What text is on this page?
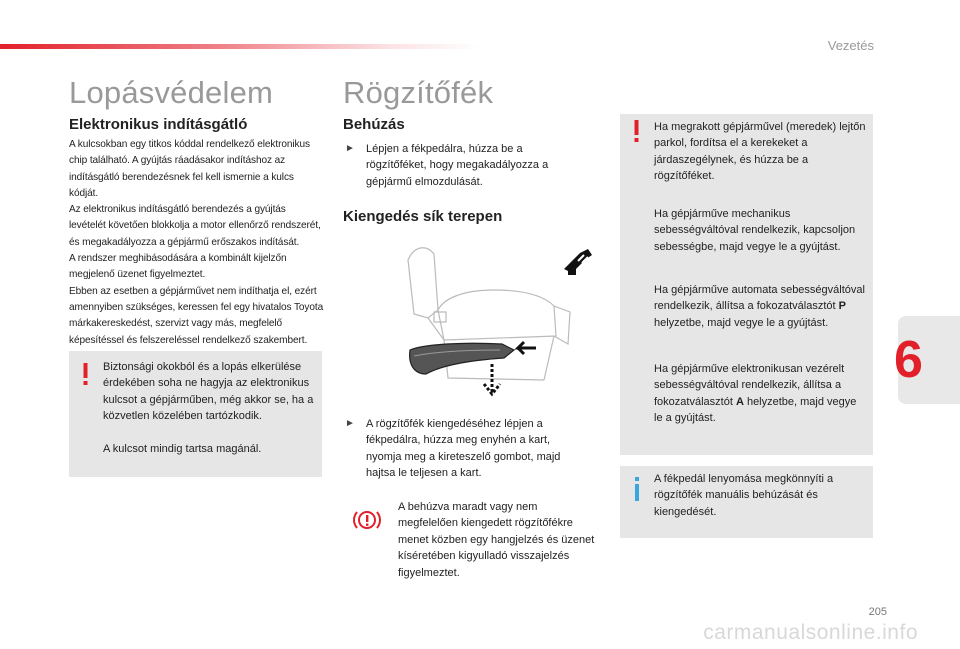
Vezetés
Lopásvédelem
Elektronikus indításgátló

A kulcsokban egy titkos kóddal rendelkező elektronikus chip található. A gyújtás ráadásakor indításhoz az indításgátló berendezésnek fel kell ismernie a kulcs kódját.

Az elektronikus indításgátló berendezés a gyújtás levételét követően blokkolja a motor ellenőrző rendszerét, és megakadályozza a gépjármű erőszakos indítását.

A rendszer meghibásodására a kombinált kijelzőn megjelenő üzenet figyelmeztet.

Ebben az esetben a gépjárművet nem indíthatja el, ezért amennyiben szükséges, keressen fel egy hivatalos Toyota márkakereskedést, szervizt vagy más, megfelelő képesítéssel és felszereléssel rendelkező szakembert.

Biztonsági okokból és a lopás elkerülése érdekében soha ne hagyja az elektronikus kulcsot a gépjárműben, még akkor se, ha a közvetlen közelében tartózkodik.
A kulcsot mindig tartsa magánál.
Rögzítőfék
Behúzás
► Lépjen a fékpedálra, húzza be a rögzítőféket, hogy megakadályozza a gépjármű elmozdulását.
Kiengedés sík terepen
► A rögzítőfék kiengedéséhez lépjen a fékpedálra, húzza meg enyhén a kart, nyomja meg a kireteszelő gombot, majd hajtsa le teljesen a kart.
A behúzva maradt vagy nem megfelelően kiengedett rögzítőfékre menet közben egy hangjelzés és üzenet kíséretében kigyulladó visszajelzés figyelmeztet.
Ha megrakott gépjárművel (meredek) lejtőn parkol, fordítsa el a kerekeket a járdaszegélynek, és húzza be a rögzítőféket.
Ha gépjárműve mechanikus sebességváltóval rendelkezik, kapcsoljon sebességbe, majd vegye le a gyújtást.
Ha gépjárműve automata sebességváltóval rendelkezik, állítsa a fokozatválasztót P helyzetbe, majd vegye le a gyújtást.
Ha gépjárműve elektronikusan vezérelt sebességváltóval rendelkezik, állítsa a fokozatválasztót A helyzetbe, majd vegye le a gyújtást.
A fékpedál lenyomása megkönnyíti a rögzítőfék manuális behúzását és kiengedését.
6
205
carmanualsonline.info
